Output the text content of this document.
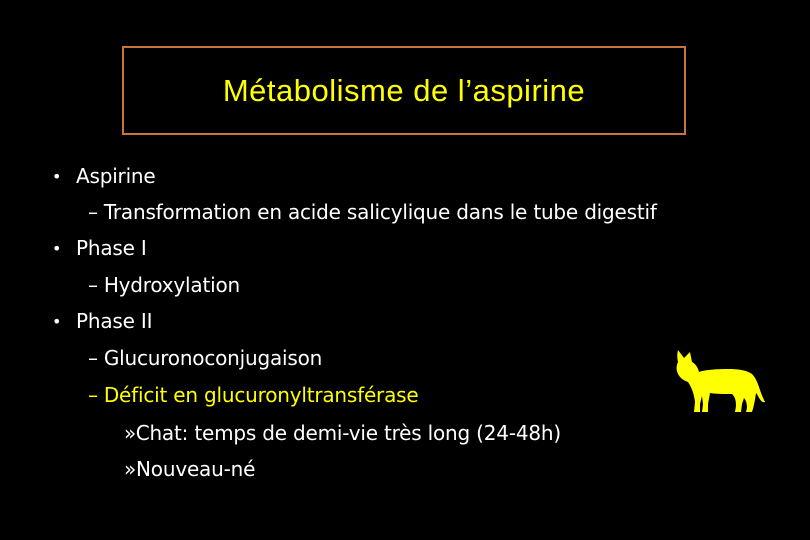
Métabolisme de l’aspirine
• Aspirine
– Transformation en acide salicylique dans le tube digestif
• Phase I
– Hydroxylation
• Phase II
– Glucuronoconjugaison
– Déficit en glucuronyltransférase
»Chat: temps de demi-vie très long (24-48h)
»Nouveau-né
